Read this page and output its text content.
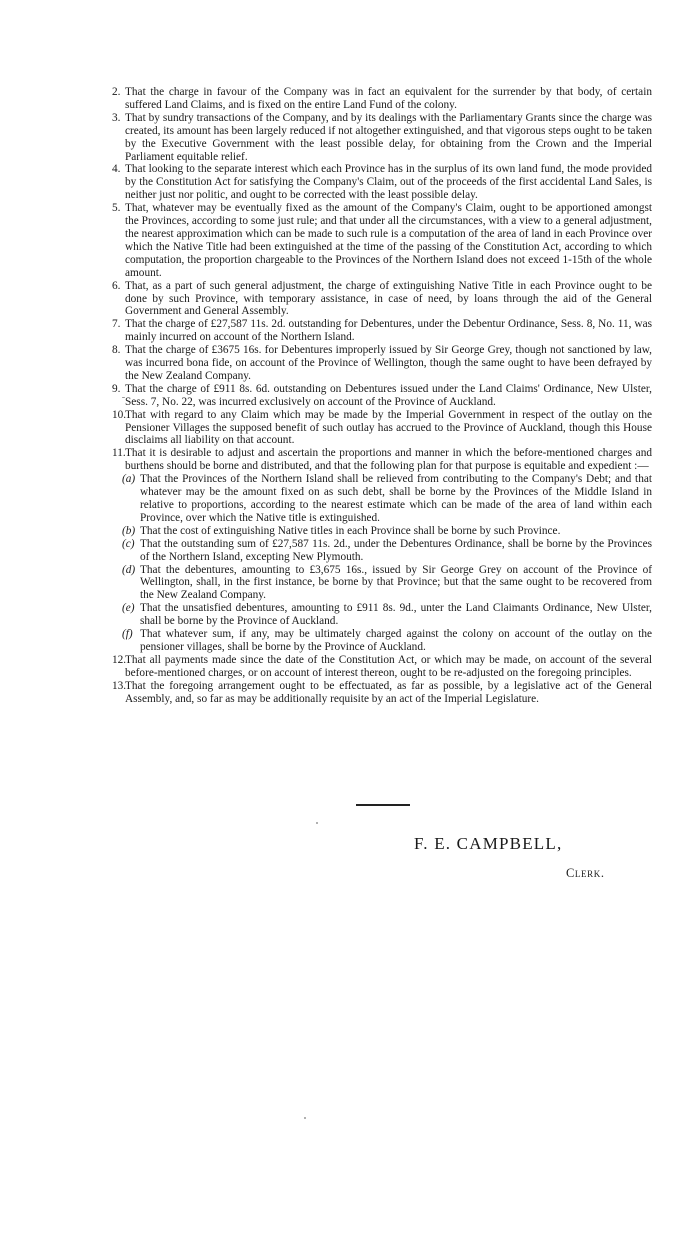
2. That the charge in favour of the Company was in fact an equivalent for the surrender by that body, of certain suffered Land Claims, and is fixed on the entire Land Fund of the colony.
3. That by sundry transactions of the Company, and by its dealings with the Parliamentary Grants since the charge was created, its amount has been largely reduced if not altogether extinguished, and that vigorous steps ought to be taken by the Executive Government with the least possible delay, for obtaining from the Crown and the Imperial Parliament equitable relief.
4. That looking to the separate interest which each Province has in the surplus of its own land fund, the mode provided by the Constitution Act for satisfying the Company's Claim, out of the proceeds of the first accidental Land Sales, is neither just nor politic, and ought to be corrected with the least possible delay.
5. That, whatever may be eventually fixed as the amount of the Company's Claim, ought to be apportioned amongst the Provinces, according to some just rule; and that under all the circumstances, with a view to a general adjustment, the nearest approximation which can be made to such rule is a computation of the area of land in each Province over which the Native Title had been extinguished at the time of the passing of the Constitution Act, according to which computation, the proportion chargeable to the Provinces of the Northern Island does not exceed 1-15th of the whole amount.
6. That, as a part of such general adjustment, the charge of extinguishing Native Title in each Province ought to be done by such Province, with temporary assistance, in case of need, by loans through the aid of the General Government and General Assembly.
7. That the charge of £27,587 11s. 2d. outstanding for Debentures, under the Debentur Ordinance, Sess. 8, No. 11, was mainly incurred on account of the Northern Island.
8. That the charge of £3675 16s. for Debentures improperly issued by Sir George Grey, though not sanctioned by law, was incurred bona fide, on account of the Province of Wellington, though the same ought to have been defrayed by the New Zealand Company.
9. That the charge of £911 8s. 6d. outstanding on Debentures issued under the Land Claims' Ordinance, New Ulster, Sess. 7, No. 22, was incurred exclusively on account of the Province of Auckland.
10.
That with regard to any Claim which may be made by the Imperial Government in respect of the outlay on the Pensioner Villages the supposed benefit of such outlay has accrued to the Province of Auckland, though this House disclaims all liability on that account.
11. That it is desirable to adjust and ascertain the proportions and manner in which the before-mentioned charges and burthens should be borne and distributed, and that the following plan for that purpose is equitable and expedient :—
(a) That the Provinces of the Northern Island shall be relieved from contributing to the Company's Debt; and that whatever may be the amount fixed on as such debt, shall be borne by the Provinces of the Middle Island in relative to proportions, according to the nearest estimate which can be made of the area of land within each Province, over which the Native title is extinguished.
(b) That the cost of extinguishing Native titles in each Province shall be borne by such Province.
(c) That the outstanding sum of £27,587 11s. 2d., under the Debentures Ordinance, shall be borne by the Provinces of the Northern Island, excepting New Plymouth.
(d) That the debentures, amounting to £3,675 16s., issued by Sir George Grey on account of the Province of Wellington, shall, in the first instance, be borne by that Province; but that the same ought to be recovered from the New Zealand Company.
(e) That the unsatisfied debentures, amounting to £911 8s. 9d., unter the Land Claimants Ordinance, New Ulster, shall be borne by the Province of Auckland.
(f) That whatever sum, if any, may be ultimately charged against the colony on account of the outlay on the pensioner villages, shall be borne by the Province of Auckland.
12.
That all payments made since the date of the Constitution Act, or which may be made, on account of the several before-mentioned charges, or on account of interest thereon, ought to be re-adjusted on the foregoing principles.
13.
That the foregoing arrangement ought to be effectuated, as far as possible, by a legislative act of the General Assembly, and, so far as may be additionally requisite by an act of the Imperial Legislature.
F. E. CAMPBELL,
Clerk.
